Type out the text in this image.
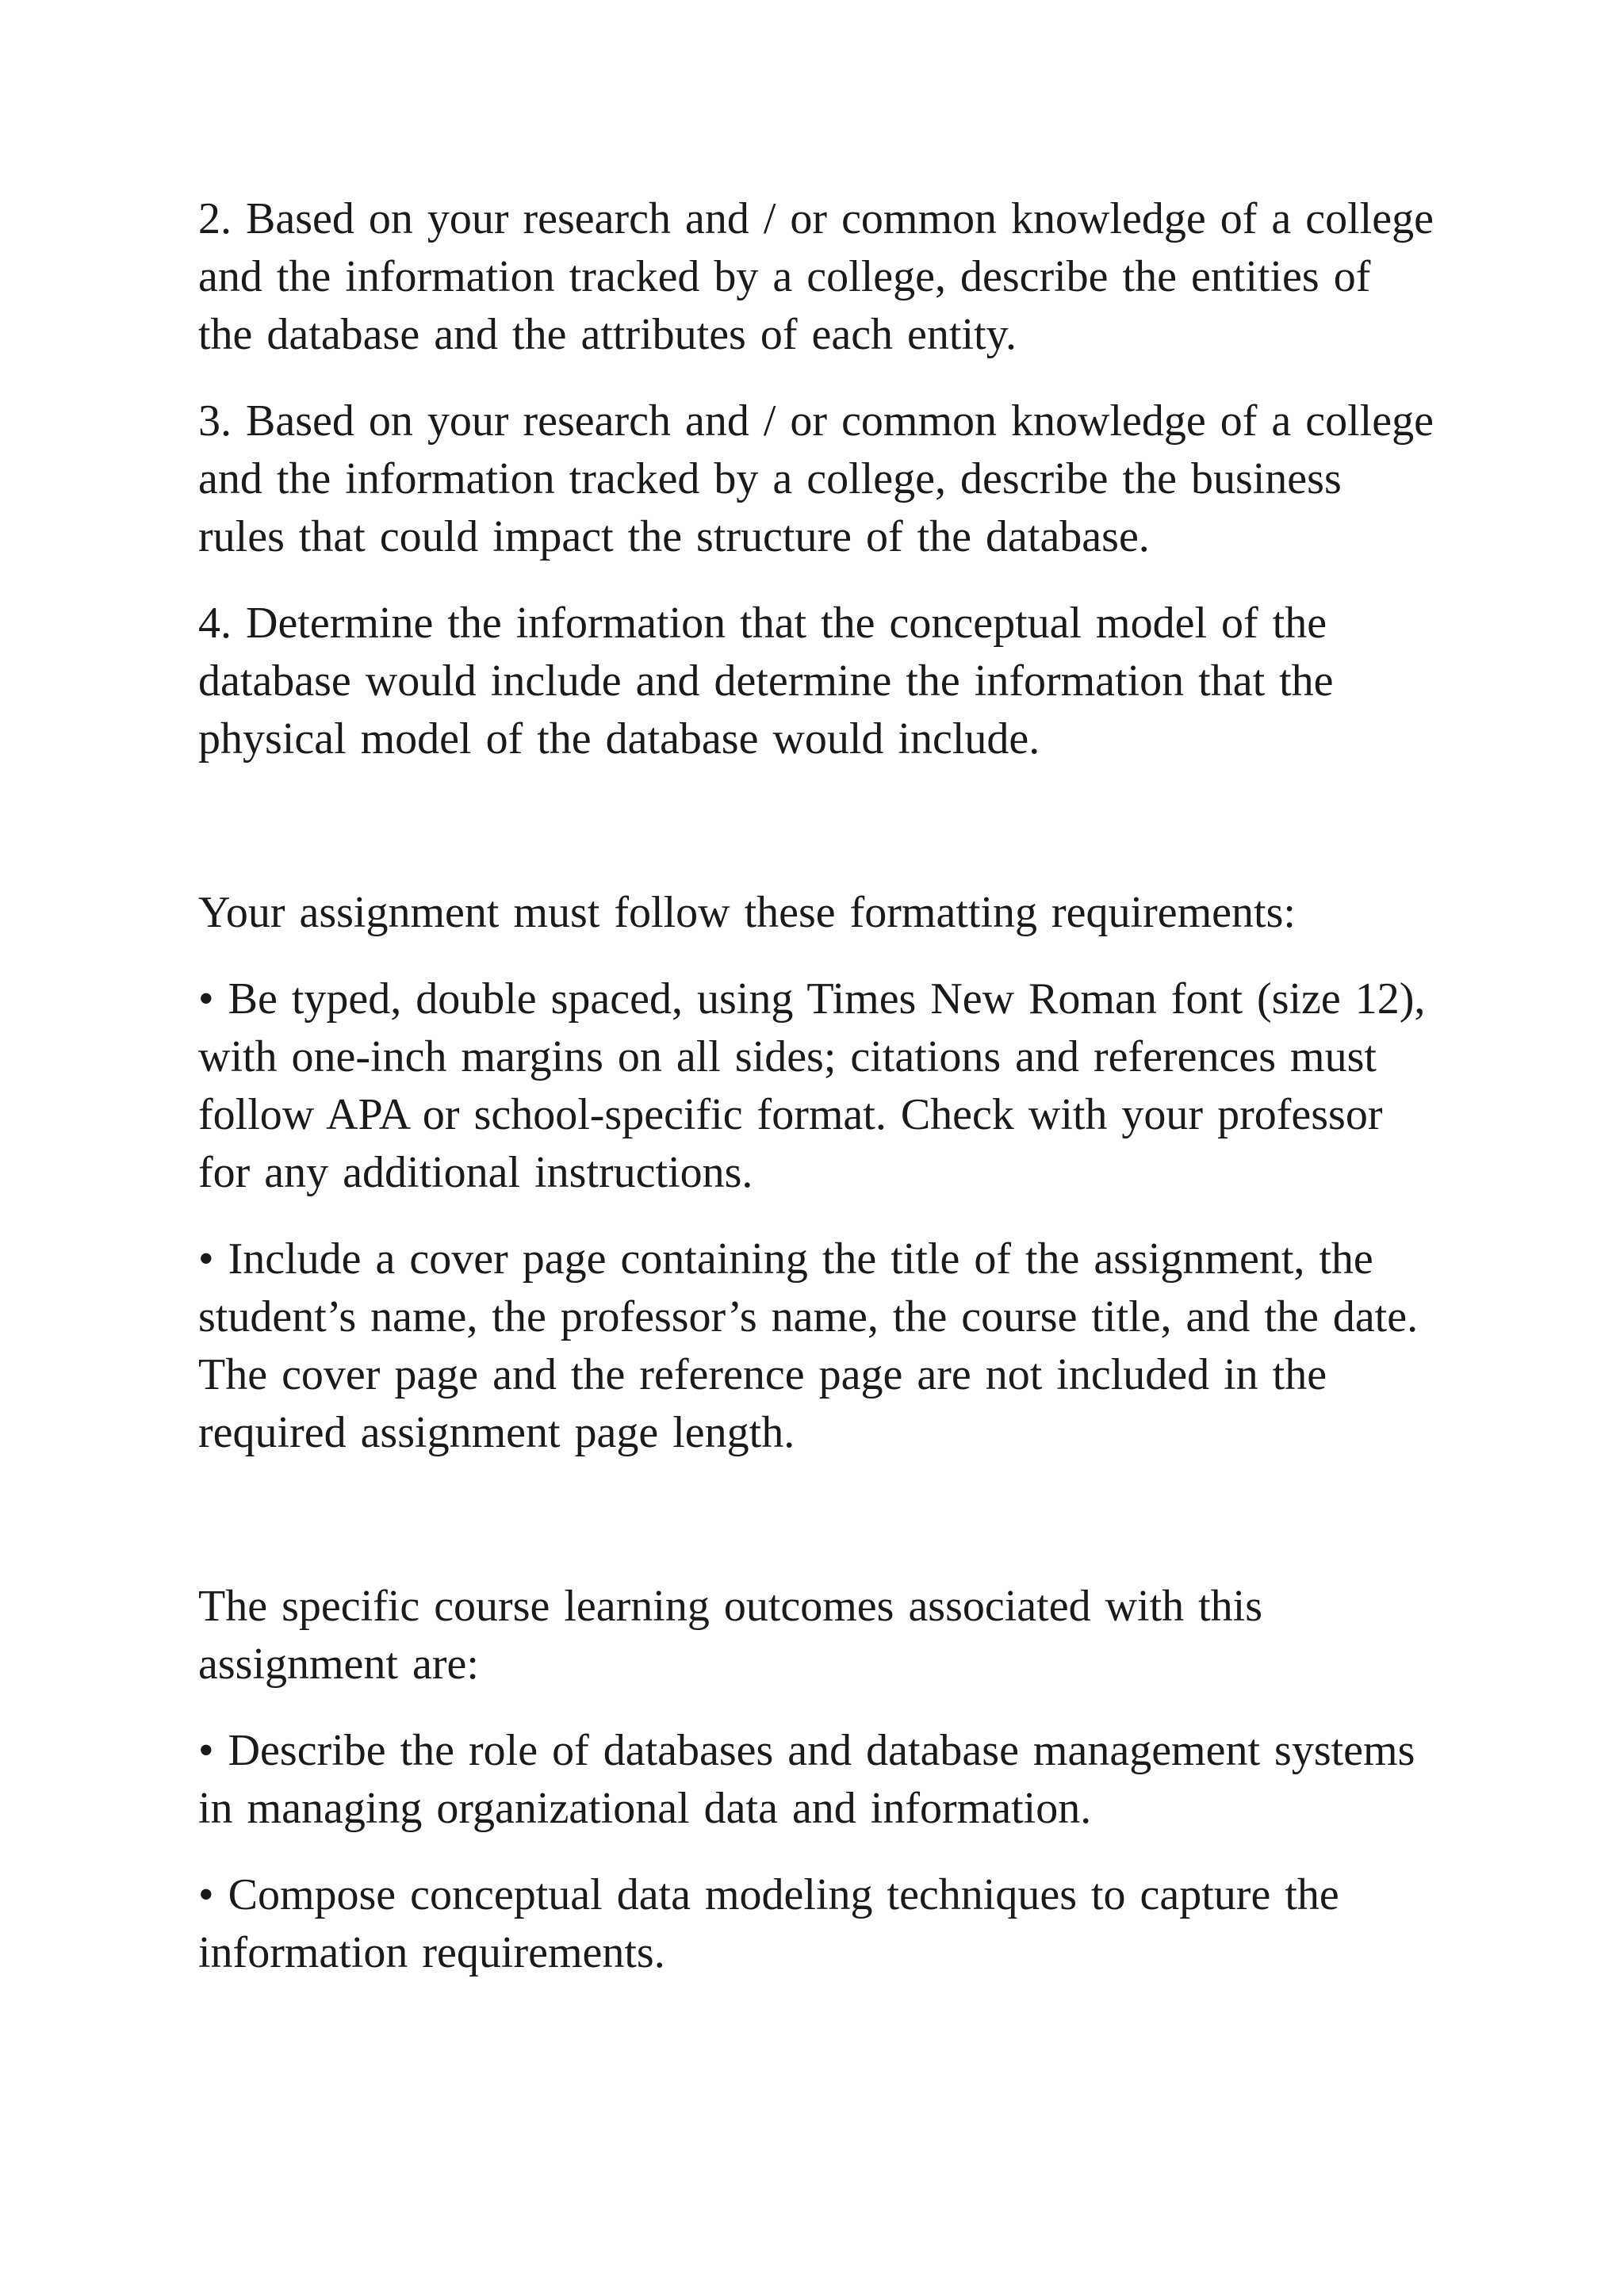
2. Based on your research and / or common knowledge of a college and the information tracked by a college, describe the entities of the database and the attributes of each entity.

3. Based on your research and / or common knowledge of a college and the information tracked by a college, describe the business rules that could impact the structure of the database.

4. Determine the information that the conceptual model of the database would include and determine the information that the physical model of the database would include.

Your assignment must follow these formatting requirements:

• Be typed, double spaced, using Times New Roman font (size 12), with one-inch margins on all sides; citations and references must follow APA or school-specific format. Check with your professor for any additional instructions.

• Include a cover page containing the title of the assignment, the student’s name, the professor’s name, the course title, and the date. The cover page and the reference page are not included in the required assignment page length.

The specific course learning outcomes associated with this assignment are:

• Describe the role of databases and database management systems in managing organizational data and information.

• Compose conceptual data modeling techniques to capture the information requirements.
